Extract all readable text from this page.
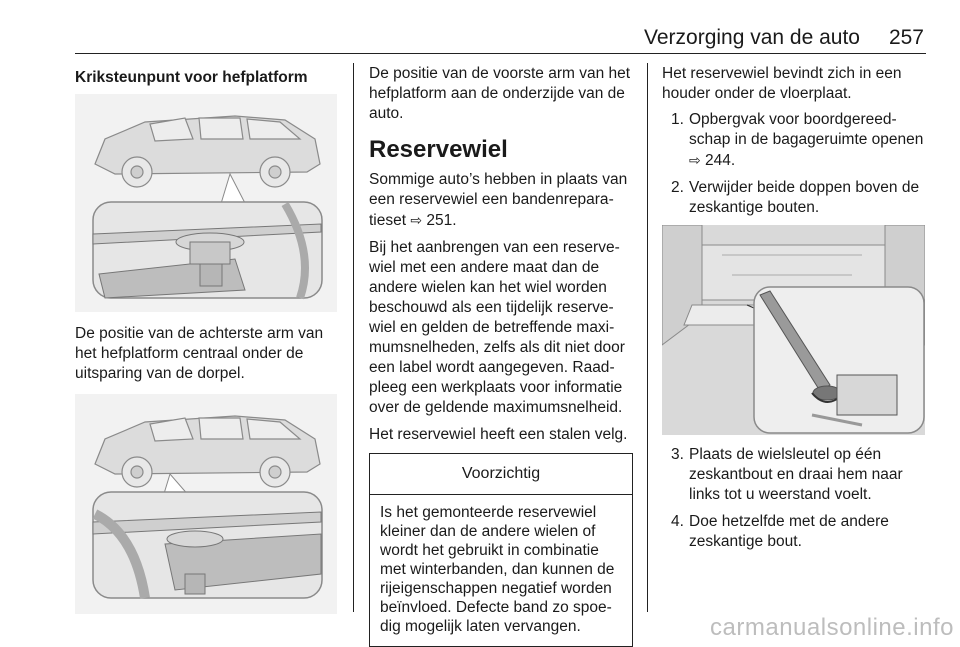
Verzorging van de auto 257
Kriksteunpunt voor hefplatform

De positie van de achterste arm van het hefplatform centraal onder de uitsparing van de dorpel.

De positie van de voorste arm van het hefplatform aan de onderzijde van de auto.

Reservewiel

Sommige auto’s hebben in plaats van een reservewiel een bandenreparatieset ⇨ 251.

Bij het aanbrengen van een reservewiel met een andere maat dan de andere wielen kan het wiel worden beschouwd als een tijdelijk reservewiel en gelden de betreffende maximumsnelheden, zelfs als dit niet door een label wordt aangegeven. Raadpleeg een werkplaats voor informatie over de geldende maximumsnelheid.

Het reservewiel heeft een stalen velg.

Voorzichtig
Is het gemonteerde reservewiel kleiner dan de andere wielen of wordt het gebruikt in combinatie met winterbanden, dan kunnen de rijeigenschappen negatief worden beïnvloed. Defecte band zo spoedig mogelijk laten vervangen.

Het reservewiel bevindt zich in een houder onder de vloerplaat.

1. Opbergvak voor boordgereedschap in de bagageruimte openen ⇨ 244.
2. Verwijder beide doppen boven de zeskantige bouten.
3. Plaats de wielsleutel op één zeskantbout en draai hem naar links tot u weerstand voelt.
4. Doe hetzelfde met de andere zeskantige bout.
carmanualsonline.info
